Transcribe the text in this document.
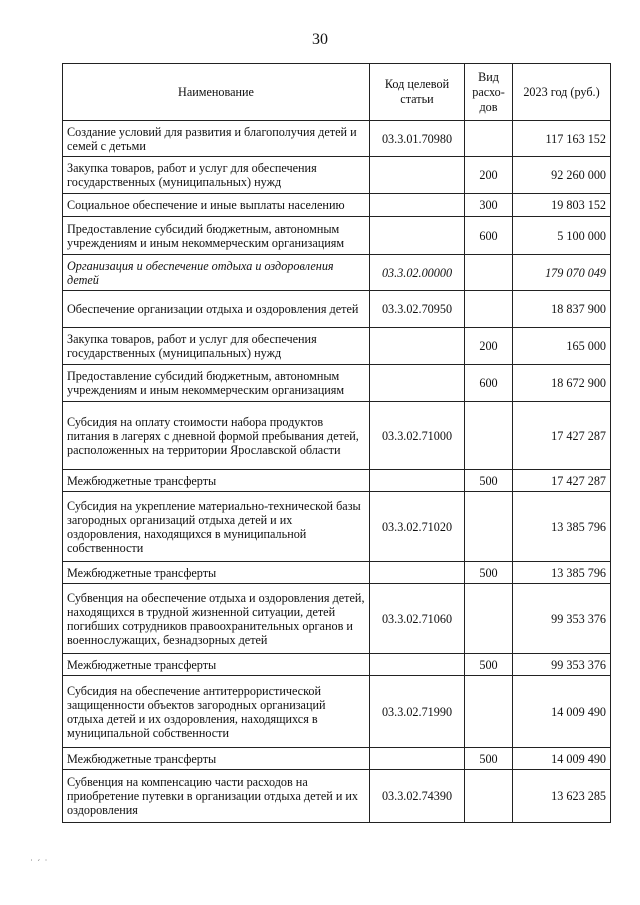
30
Наименование	Код целевой статьи	Вид расхо-дов	2023 год (руб.)
Создание условий для развития и благополучия детей и семей с детьми	03.3.01.70980		117 163 152
Закупка товаров, работ и услуг для обеспечения государственных (муниципальных) нужд		200	92 260 000
Социальное обеспечение и иные выплаты населению		300	19 803 152
Предоставление субсидий бюджетным, автономным учреждениям и иным некоммерческим организациям		600	5 100 000
Организация и обеспечение отдыха и оздоровления детей	03.3.02.00000		179 070 049
Обеспечение организации отдыха и оздоровления детей	03.3.02.70950		18 837 900
Закупка товаров, работ и услуг для обеспечения государственных (муниципальных) нужд		200	165 000
Предоставление субсидий бюджетным, автономным учреждениям и иным некоммерческим организациям		600	18 672 900
Субсидия на оплату стоимости набора продуктов питания в лагерях с дневной формой пребывания детей, расположенных на территории Ярославской области	03.3.02.71000		17 427 287
Межбюджетные трансферты		500	17 427 287
Субсидия на укрепление материально-технической базы загородных организаций отдыха детей и их оздоровления, находящихся в муниципальной собственности	03.3.02.71020		13 385 796
Межбюджетные трансферты		500	13 385 796
Субвенция на обеспечение отдыха и оздоровления детей, находящихся в трудной жизненной ситуации, детей погибших сотрудников правоохранительных органов и военнослужащих, безнадзорных детей	03.3.02.71060		99 353 376
Межбюджетные трансферты		500	99 353 376
Субсидия на обеспечение антитеррористической защищенности объектов загородных организаций отдыха детей и их оздоровления, находящихся в муниципальной собственности	03.3.02.71990		14 009 490
Межбюджетные трансферты		500	14 009 490
Субвенция на компенсацию части расходов на приобретение путевки в организации отдыха детей и их оздоровления	03.3.02.74390		13 623 285
˙ ˊ ˙
